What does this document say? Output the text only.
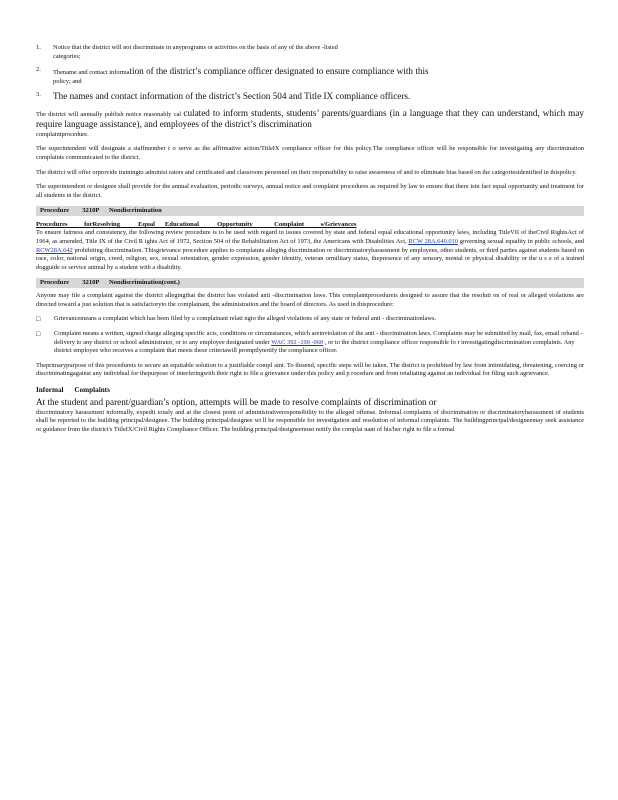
1.	Notice that the district will not discriminate in anyprograms or activities on the basis of any of the above -listed
categories;
2.	Thename and contact information of the district’s compliance officer designated to ensure compliance with this
policy; and
3.	The names and contact information of the district’s Section 504 and Title IX compliance officers.

The district will annually publish notice reasonably cal culated to inform students, students’ parents/guardians (in a language that they can understand, which may require language assistance), and employees of the district’s discrimination
complaintprocedure.

The superintendent will designate a staffmember t o serve as the affirmative action/TitleIX compliance officer for this policy.The compliance officer will be responsible for investigating any discrimination complaints communicated to the district.

The district will offer orprovide trainingto administ rators and certificated and classroom personnel on their responsibility to raise awareness of and to eliminate bias based on the categoriesidentified in thispolicy.

The superintendent or designee shall provide for the annual evaluation, periodic surveys, annual notice and complaint procedures as required by law to ensure that there isin fact equal opportunity and treatment for all students in the district.

Procedure        3210P      Nondiscrimination
Procedures          forResolving           Equal      Educational           Opportunity             Complaint          s/Grievances

To ensure fairness and consistency, the following review procedure is to be used with regard to issues covered by state and federal equal educational opportunity laws, including TitleVII of theCivil RightsAct of 1964, as amended, Title IX of the Civil R ights Act of 1972, Section 504 of the Rehabilitation Act of 1973, the Americans with Disabilities Act, RCW 28A.640.010 governing sexual equality in public schools, and RCW28A.642 prohibiting discrimination. Thisgrievance procedure applies to complaints alleging discrimination or discriminatoryharassment by employees, other students, or third parties against students based on race, color, national origin, creed, religion, sex, sexual orientation, gender expression, gender identity, veteran ormilitary status, thepresence of any sensory, mental or physical disability or the u s e of a trained dogguide or service animal by a student with a disability.

Procedure        3210P      Nondiscrimination(cont.)

Anyone may file a complaint against the district allegingthat the district has violated anti -discrimination laws. This complaintprocedureis designed to assure that the resoluti on of real or alleged violations are directed toward a just solution that is satisfactoryto the complainant, the administration and the board of directors. As used in thisprocedure:

□	Grievancemeans a complaint which has been filed by a complainant relati ngto the alleged violations of any state or federal anti - discriminationlaws.
□	Complaint means a written, signed charge alleging specific acts, conditions or circumstances, which areinviolation of the anti - discrimination laws. Complaints may be submitted by mail, fax, email orhand -delivery to any district or school administrator, or to any employee designated under WAC 392 -190 -060 , or to the district compliance officer responsible fo r investigatingdiscrimination complaints. Any district employee who receives a complaint that meets these criteriawill promptlynotify the compliance officer.

Theprimarypurpose of this procedureis to secure an equitable solution to a justifiable compl aint. To thisend, specific steps will be taken. The district is prohibited by law from intimidating, threatening, coercing or discriminatingagainst any individual for thepurpose of interferingwith their right to file a grievance under this policy and p rocedure and from retaliating against an individual for filing such agrievance.

Informal      Complaints

At the student and parent/guardian’s option, attempts will be made to resolve complaints of discrimination or
discriminatory harassment informally, expedit iously and at the closest point of administrativeresponsibility to the alleged offense. Informal complaints of discrimination or discriminatoryharassment of students shall be reported to the building principal/designee. The building principal/designee wi ll be responsible for investigation and resolution of informal complaints. The buildingprincipal/designeemay seek assistance or guidance from the district's TitleIX/Civil Rights Compliance Officer. The building principal/designeemust notify the complai nant of his/her right to file a formal
